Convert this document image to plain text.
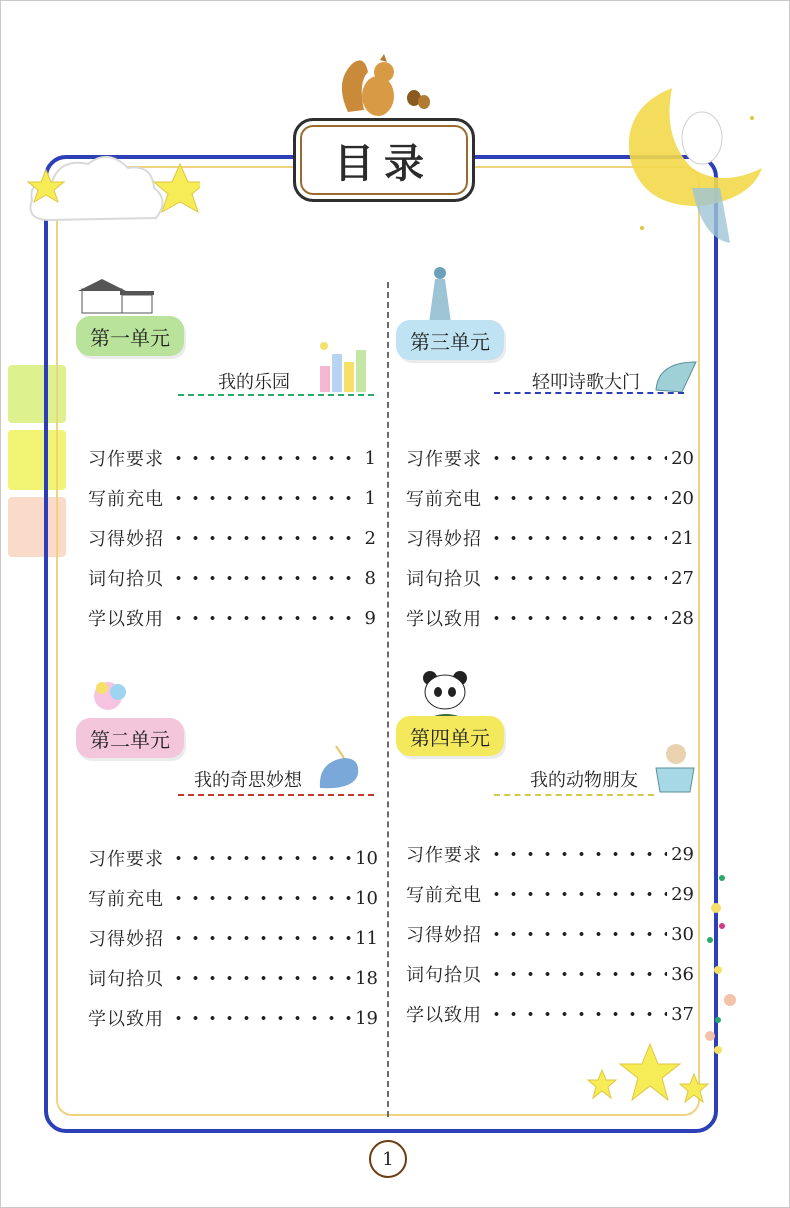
目录
第一单元
我的乐园
习作要求	1
写前充电	1
习得妙招	2
词句拾贝	8
学以致用	9
第二单元
我的奇思妙想
习作要求	10
写前充电	10
习得妙招	11
词句拾贝	18
学以致用	19
第三单元
轻叩诗歌大门
习作要求	20
写前充电	20
习得妙招	21
词句拾贝	27
学以致用	28
第四单元
我的动物朋友
习作要求	29
写前充电	29
习得妙招	30
词句拾贝	36
学以致用	37
1
